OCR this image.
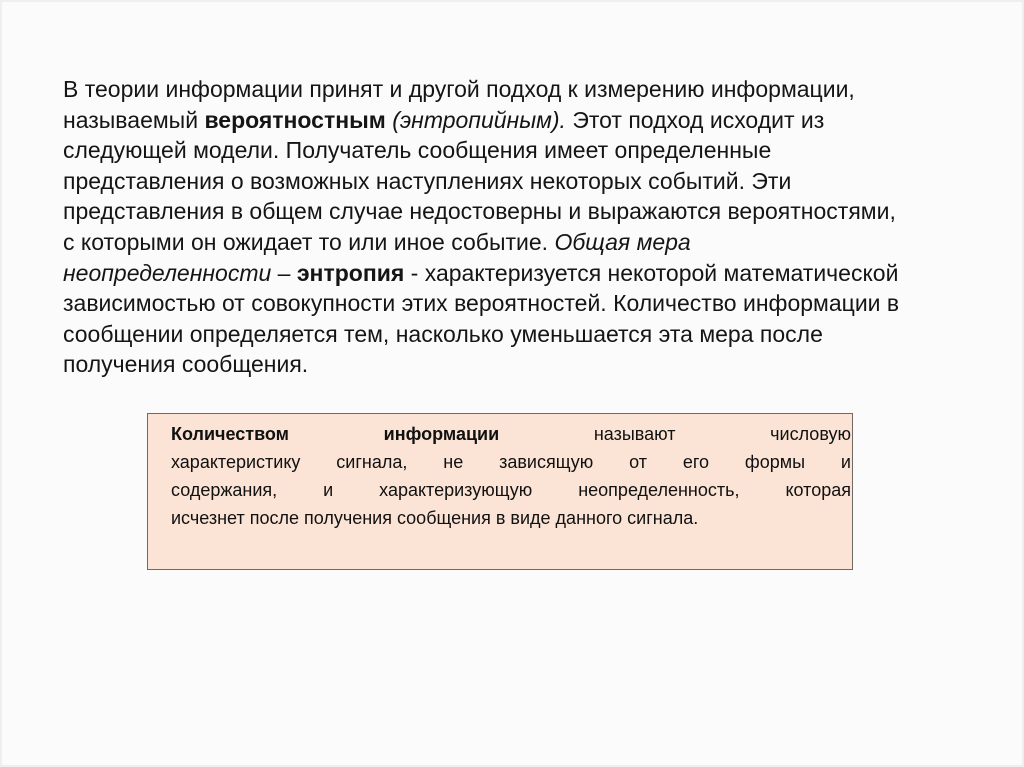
В теории информации принят и другой подход к измерению информации,
называемый вероятностным (энтропийным). Этот подход исходит из
следующей модели. Получатель сообщения имеет определенные
представления о возможных наступлениях некоторых событий. Эти
представления в общем случае недостоверны и выражаются вероятностями,
с которыми он ожидает то или иное событие. Общая мера
неопределенности – энтропия - характеризуется некоторой математической
зависимостью от совокупности этих вероятностей. Количество информации в
сообщении определяется тем, насколько уменьшается эта мера после
получения сообщения.

Количеством	информации	называют	числовую
характеристику сигнала, не зависящую от его формы и
содержания, и характеризующую неопределенность, которая
исчезнет после получения сообщения в виде данного сигнала.
